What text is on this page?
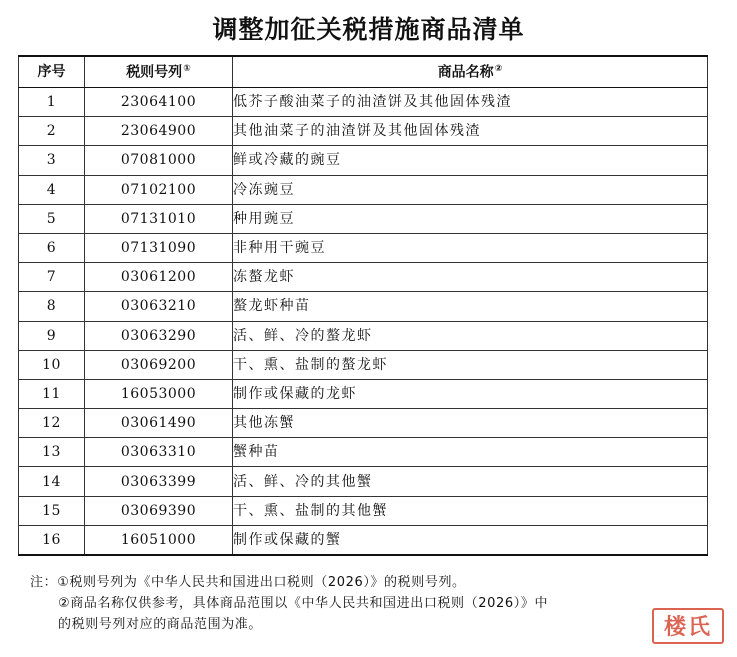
调整加征关税措施商品清单
序号	税则号列①	商品名称②
1	23064100	低芥子酸油菜子的油渣饼及其他固体残渣
2	23064900	其他油菜子的油渣饼及其他固体残渣
3	07081000	鲜或冷藏的豌豆
4	07102100	冷冻豌豆
5	07131010	种用豌豆
6	07131090	非种用干豌豆
7	03061200	冻螯龙虾
8	03063210	螯龙虾种苗
9	03063290	活、鲜、冷的螯龙虾
10	03069200	干、熏、盐制的螯龙虾
11	16053000	制作或保藏的龙虾
12	03061490	其他冻蟹
13	03063310	蟹种苗
14	03063399	活、鲜、冷的其他蟹
15	03069390	干、熏、盐制的其他蟹
16	16051000	制作或保藏的蟹
注：①税则号列为《中华人民共和国进出口税则（2026）》的税则号列。
②商品名称仅供参考，具体商品范围以《中华人民共和国进出口税则（2026）》中
的税则号列对应的商品范围为准。	楼氏
